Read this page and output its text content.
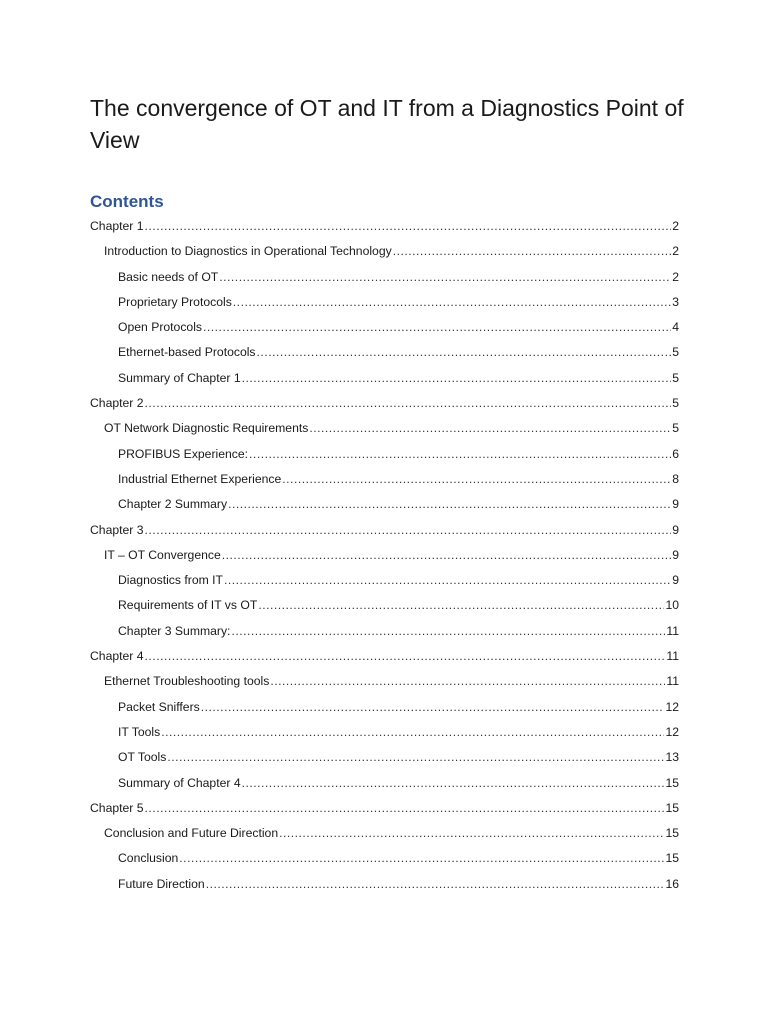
The convergence of OT and IT from a Diagnostics Point of View
Contents
Chapter 1 .....	2
Introduction to Diagnostics in Operational Technology .....	2
Basic needs of OT .....	2
Proprietary Protocols .....	3
Open Protocols .....	4
Ethernet-based Protocols .....	5
Summary of Chapter 1 .....	5
Chapter 2 .....	5
OT Network Diagnostic Requirements .....	5
PROFIBUS Experience: .....	6
Industrial Ethernet Experience .....	8
Chapter 2 Summary .....	9
Chapter 3 .....	9
IT – OT Convergence .....	9
Diagnostics from IT .....	9
Requirements of IT vs OT .....	10
Chapter 3 Summary: .....	11
Chapter 4 .....	11
Ethernet Troubleshooting tools .....	11
Packet Sniffers .....	12
IT Tools .....	12
OT Tools .....	13
Summary of Chapter 4 .....	15
Chapter 5 .....	15
Conclusion and Future Direction .....	15
Conclusion .....	15
Future Direction .....	16
